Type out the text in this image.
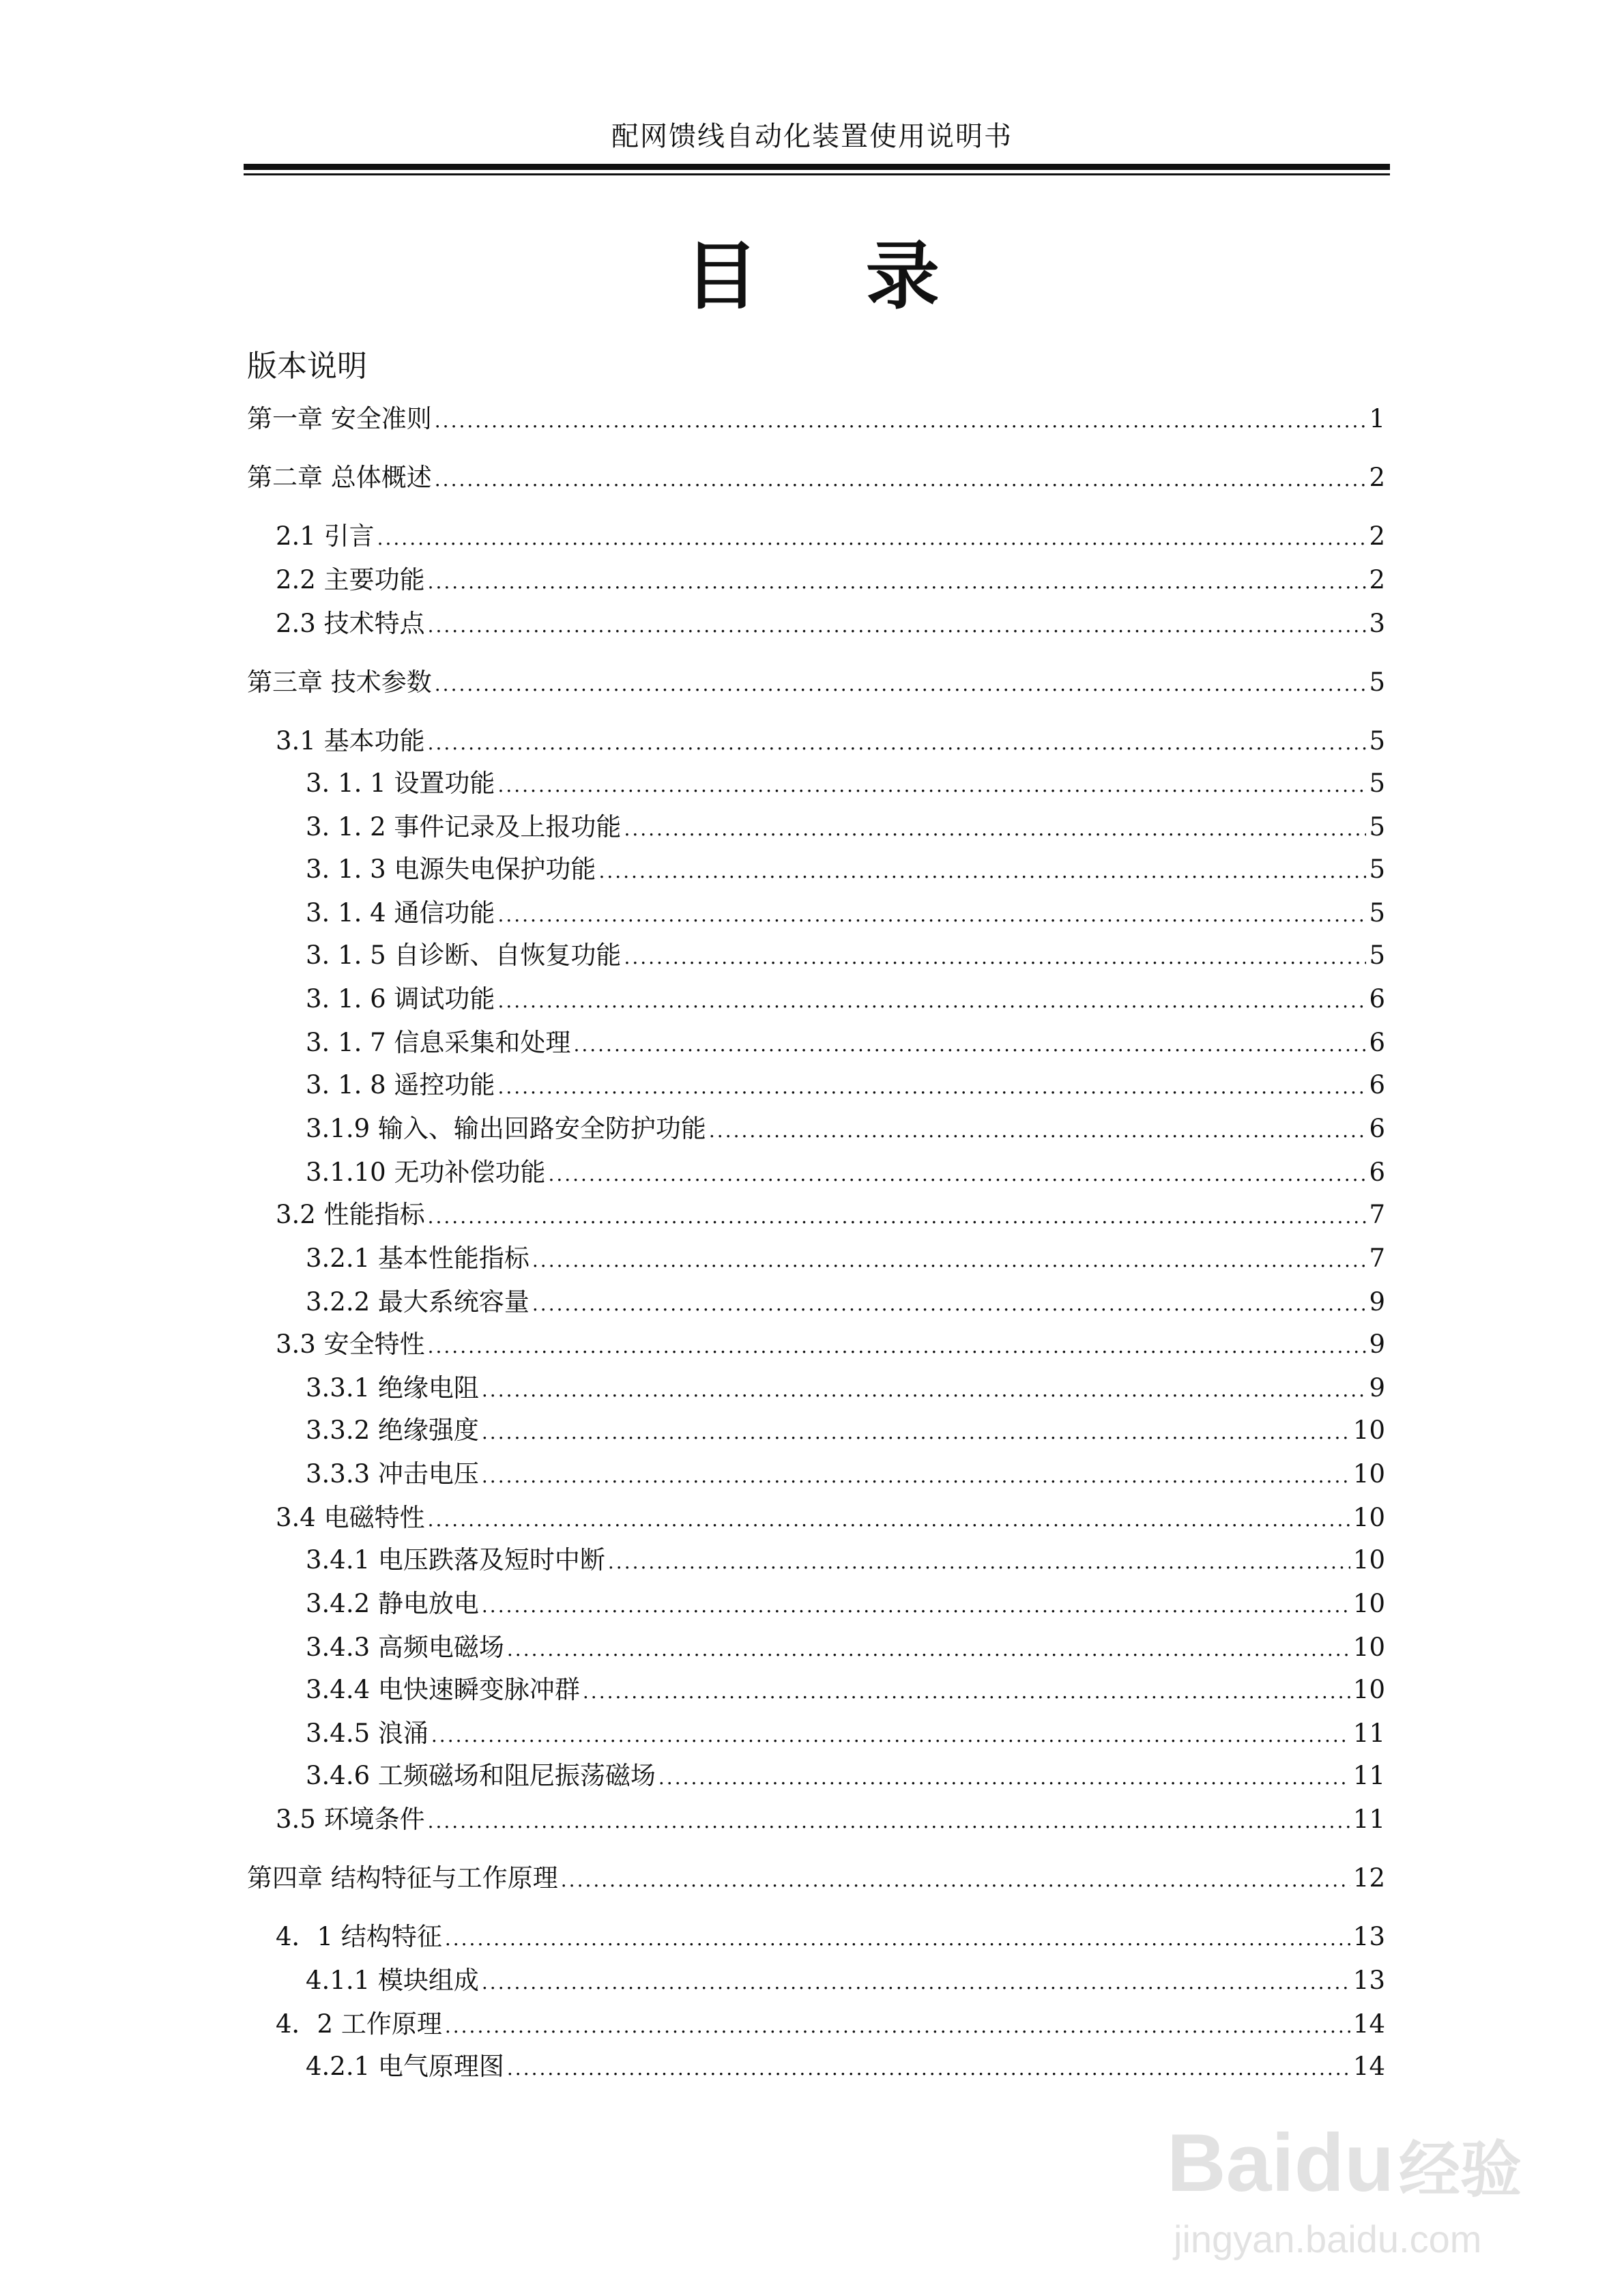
配网馈线自动化装置使用说明书
目 录
版本说明
第一章 安全准则 .....	1
第二章 总体概述 .....	2
2.1 引言 .....	2
2.2 主要功能 .....	2
2.3 技术特点 .....	3
第三章 技术参数 .....	5
3.1 基本功能 .....	5
3. 1. 1 设置功能 .....	5
3. 1. 2 事件记录及上报功能 .....	5
3. 1. 3 电源失电保护功能 .....	5
3. 1. 4 通信功能 .....	5
3. 1. 5 自诊断、自恢复功能 .....	5
3. 1. 6 调试功能 .....	6
3. 1. 7 信息采集和处理 .....	6
3. 1. 8 遥控功能 .....	6
3.1.9 输入、输出回路安全防护功能 .....	6
3.1.10 无功补偿功能 .....	6
3.2 性能指标 .....	7
3.2.1 基本性能指标 .....	7
3.2.2 最大系统容量 .....	9
3.3 安全特性 .....	9
3.3.1 绝缘电阻 .....	9
3.3.2 绝缘强度 .....	10
3.3.3 冲击电压 .....	10
3.4 电磁特性 .....	10
3.4.1 电压跌落及短时中断 .....	10
3.4.2 静电放电 .....	10
3.4.3 高频电磁场 .....	10
3.4.4 电快速瞬变脉冲群 .....	10
3.4.5 浪涌 .....	11
3.4.6 工频磁场和阻尼振荡磁场 .....	11
3.5 环境条件 .....	11
第四章 结构特征与工作原理 .....	12
4．1 结构特征 .....	13
4.1.1 模块组成 .....	13
4．2 工作原理 .....	14
4.2.1 电气原理图 .....	14
Baidu 经验
jingyan.baidu.com
